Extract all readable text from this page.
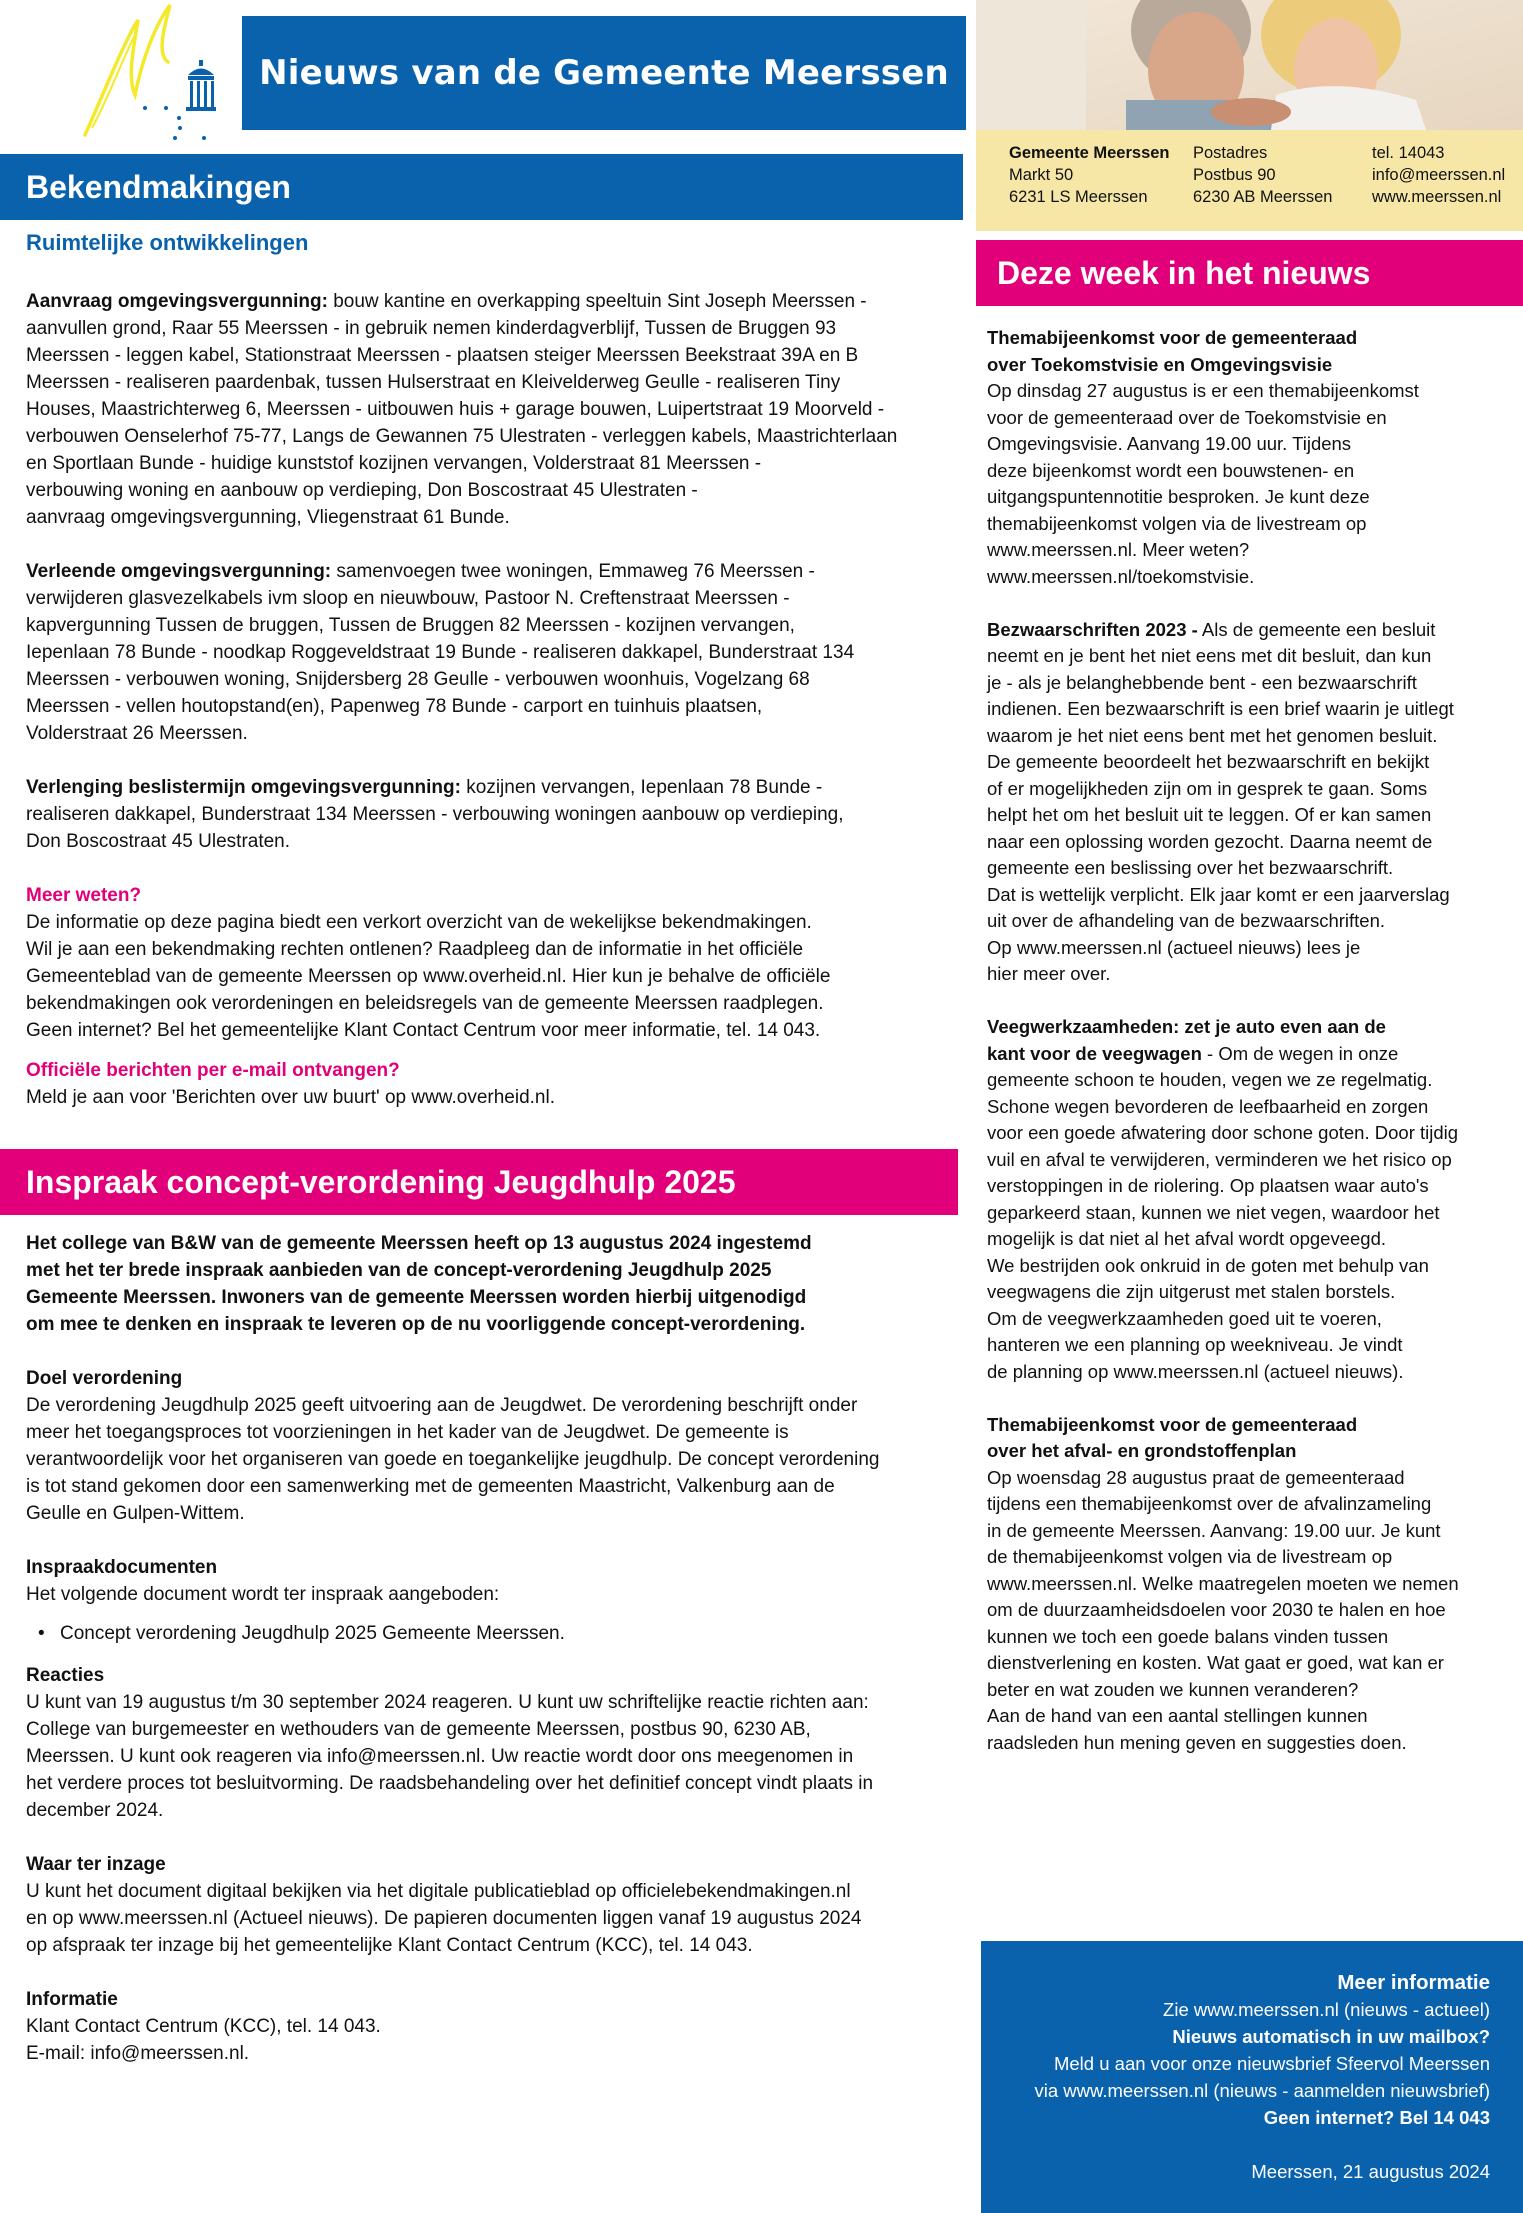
Nieuws van de Gemeente Meerssen
Gemeente Meerssen
Markt 50
6231 LS Meerssen
Postadres
Postbus 90
6230 AB Meerssen
tel. 14043
info@meerssen.nl
www.meerssen.nl
Bekendmakingen
Ruimtelijke ontwikkelingen

Aanvraag omgevingsvergunning: bouw kantine en overkapping speeltuin Sint Joseph Meerssen -
aanvullen grond, Raar 55 Meerssen - in gebruik nemen kinderdagverblijf, Tussen de Bruggen 93
Meerssen - leggen kabel, Stationstraat Meerssen - plaatsen steiger Meerssen Beekstraat 39A en B
Meerssen - realiseren paardenbak, tussen Hulserstraat en Kleivelderweg Geulle - realiseren Tiny
Houses, Maastrichterweg 6, Meerssen - uitbouwen huis + garage bouwen, Luipertstraat 19 Moorveld -
verbouwen Oenselerhof 75-77, Langs de Gewannen 75 Ulestraten - verleggen kabels, Maastrichterlaan
en Sportlaan Bunde - huidige kunststof kozijnen vervangen, Volderstraat 81 Meerssen -
verbouwing woning en aanbouw op verdieping, Don Boscostraat 45 Ulestraten -
aanvraag omgevingsvergunning, Vliegenstraat 61 Bunde.

Verleende omgevingsvergunning: samenvoegen twee woningen, Emmaweg 76 Meerssen -
verwijderen glasvezelkabels ivm sloop en nieuwbouw, Pastoor N. Creftenstraat Meerssen -
kapvergunning Tussen de bruggen, Tussen de Bruggen 82 Meerssen - kozijnen vervangen,
Iepenlaan 78 Bunde - noodkap Roggeveldstraat 19 Bunde - realiseren dakkapel, Bunderstraat 134
Meerssen - verbouwen woning, Snijdersberg 28 Geulle - verbouwen woonhuis, Vogelzang 68
Meerssen - vellen houtopstand(en), Papenweg 78 Bunde - carport en tuinhuis plaatsen,
Volderstraat 26 Meerssen.

Verlenging beslistermijn omgevingsvergunning: kozijnen vervangen, Iepenlaan 78 Bunde -
realiseren dakkapel, Bunderstraat 134 Meerssen - verbouwing woningen aanbouw op verdieping,
Don Boscostraat 45 Ulestraten.

Meer weten?

De informatie op deze pagina biedt een verkort overzicht van de wekelijkse bekendmakingen.
Wil je aan een bekendmaking rechten ontlenen? Raadpleeg dan de informatie in het officiële
Gemeenteblad van de gemeente Meerssen op www.overheid.nl. Hier kun je behalve de officiële
bekendmakingen ook verordeningen en beleidsregels van de gemeente Meerssen raadplegen.
Geen internet? Bel het gemeentelijke Klant Contact Centrum voor meer informatie, tel. 14 043.

Officiële berichten per e-mail ontvangen?

Meld je aan voor 'Berichten over uw buurt' op www.overheid.nl.

Inspraak concept-verordening Jeugdhulp 2025

Het college van B&W van de gemeente Meerssen heeft op 13 augustus 2024 ingestemd
met het ter brede inspraak aanbieden van de concept-verordening Jeugdhulp 2025
Gemeente Meerssen. Inwoners van de gemeente Meerssen worden hierbij uitgenodigd
om mee te denken en inspraak te leveren op de nu voorliggende concept-verordening.

Doel verordening

De verordening Jeugdhulp 2025 geeft uitvoering aan de Jeugdwet. De verordening beschrijft onder
meer het toegangsproces tot voorzieningen in het kader van de Jeugdwet. De gemeente is
verantwoordelijk voor het organiseren van goede en toegankelijke jeugdhulp. De concept verordening
is tot stand gekomen door een samenwerking met de gemeenten Maastricht, Valkenburg aan de
Geulle en Gulpen-Wittem.

Inspraakdocumenten

Het volgende document wordt ter inspraak aangeboden:

• Concept verordening Jeugdhulp 2025 Gemeente Meerssen.

Reacties

U kunt van 19 augustus t/m 30 september 2024 reageren. U kunt uw schriftelijke reactie richten aan:
College van burgemeester en wethouders van de gemeente Meerssen, postbus 90, 6230 AB,
Meerssen. U kunt ook reageren via info@meerssen.nl. Uw reactie wordt door ons meegenomen in
het verdere proces tot besluitvorming. De raadsbehandeling over het definitief concept vindt plaats in
december 2024.

Waar ter inzage

U kunt het document digitaal bekijken via het digitale publicatieblad op officielebekendmakingen.nl
en op www.meerssen.nl (Actueel nieuws). De papieren documenten liggen vanaf 19 augustus 2024
op afspraak ter inzage bij het gemeentelijke Klant Contact Centrum (KCC), tel. 14 043.

Informatie

Klant Contact Centrum (KCC), tel. 14 043.
E-mail: info@meerssen.nl.

Deze week in het nieuws

Themabijeenkomst voor de gemeenteraad
over Toekomstvisie en Omgevingsvisie

Op dinsdag 27 augustus is er een themabijeenkomst
voor de gemeenteraad over de Toekomstvisie en
Omgevingsvisie. Aanvang 19.00 uur. Tijdens
deze bijeenkomst wordt een bouwstenen- en
uitgangspuntennotitie besproken. Je kunt deze
themabijeenkomst volgen via de livestream op
www.meerssen.nl. Meer weten?
www.meerssen.nl/toekomstvisie.

Bezwaarschriften 2023 - Als de gemeente een besluit
neemt en je bent het niet eens met dit besluit, dan kun
je - als je belanghebbende bent - een bezwaarschrift
indienen. Een bezwaarschrift is een brief waarin je uitlegt
waarom je het niet eens bent met het genomen besluit.
De gemeente beoordeelt het bezwaarschrift en bekijkt
of er mogelijkheden zijn om in gesprek te gaan. Soms
helpt het om het besluit uit te leggen. Of er kan samen
naar een oplossing worden gezocht. Daarna neemt de
gemeente een beslissing over het bezwaarschrift.
Dat is wettelijk verplicht. Elk jaar komt er een jaarverslag
uit over de afhandeling van de bezwaarschriften.
Op www.meerssen.nl (actueel nieuws) lees je
hier meer over.

Veegwerkzaamheden: zet je auto even aan de
kant voor de veegwagen - Om de wegen in onze
gemeente schoon te houden, vegen we ze regelmatig.
Schone wegen bevorderen de leefbaarheid en zorgen
voor een goede afwatering door schone goten. Door tijdig
vuil en afval te verwijderen, verminderen we het risico op
verstoppingen in de riolering. Op plaatsen waar auto's
geparkeerd staan, kunnen we niet vegen, waardoor het
mogelijk is dat niet al het afval wordt opgeveegd.
We bestrijden ook onkruid in de goten met behulp van
veegwagens die zijn uitgerust met stalen borstels.
Om de veegwerkzaamheden goed uit te voeren,
hanteren we een planning op weekniveau. Je vindt
de planning op www.meerssen.nl (actueel nieuws).

Themabijeenkomst voor de gemeenteraad
over het afval- en grondstoffenplan

Op woensdag 28 augustus praat de gemeenteraad
tijdens een themabijeenkomst over de afvalinzameling
in de gemeente Meerssen. Aanvang: 19.00 uur. Je kunt
de themabijeenkomst volgen via de livestream op
www.meerssen.nl. Welke maatregelen moeten we nemen
om de duurzaamheidsdoelen voor 2030 te halen en hoe
kunnen we toch een goede balans vinden tussen
dienstverlening en kosten. Wat gaat er goed, wat kan er
beter en wat zouden we kunnen veranderen?
Aan de hand van een aantal stellingen kunnen
raadsleden hun mening geven en suggesties doen.

Meer informatie
Zie www.meerssen.nl (nieuws - actueel)
Nieuws automatisch in uw mailbox?
Meld u aan voor onze nieuwsbrief Sfeervol Meerssen
via www.meerssen.nl (nieuws - aanmelden nieuwsbrief)
Geen internet? Bel 14 043
Meerssen, 21 augustus 2024
